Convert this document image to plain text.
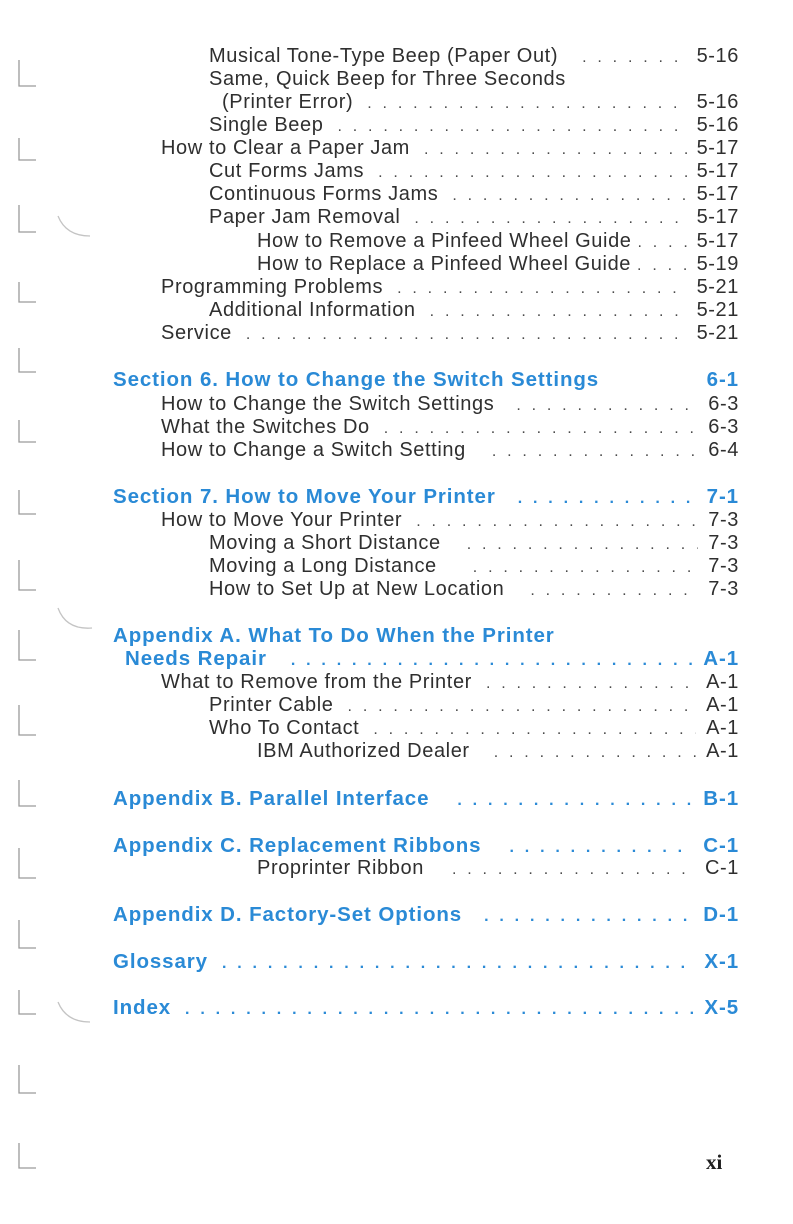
Musical Tone-Type Beep (Paper Out) . . .	5-16
Same, Quick Beep for Three Seconds
(Printer Error) . . .	5-16
Single Beep . . .	5-16
How to Clear a Paper Jam . . .	5-17
Cut Forms Jams . . .	5-17
Continuous Forms Jams . . .	5-17
Paper Jam Removal . . .	5-17
How to Remove a Pinfeed Wheel Guide . . .	5-17
How to Replace a Pinfeed Wheel Guide . . .	5-19
Programming Problems . . .	5-21
Additional Information . . .	5-21
Service . . .	5-21
Section 6. How to Change the Switch Settings	6-1
How to Change the Switch Settings . . .	6-3
What the Switches Do . . .	6-3
How to Change a Switch Setting . . .	6-4
Section 7. How to Move Your Printer . . .	7-1
How to Move Your Printer . . .	7-3
Moving a Short Distance . . .	7-3
Moving a Long Distance . . .	7-3
How to Set Up at New Location . . .	7-3
Appendix A. What To Do When the Printer
Needs Repair . . .	A-1
What to Remove from the Printer . . .	A-1
Printer Cable . . .	A-1
Who To Contact . . .	A-1
IBM Authorized Dealer . . .	A-1
Appendix B. Parallel Interface . . .	B-1
Appendix C. Replacement Ribbons . . .	C-1
Proprinter Ribbon . . .	C-1
Appendix D. Factory-Set Options . . .	D-1
Glossary . . .	X-1
Index . . .	X-5
xi
